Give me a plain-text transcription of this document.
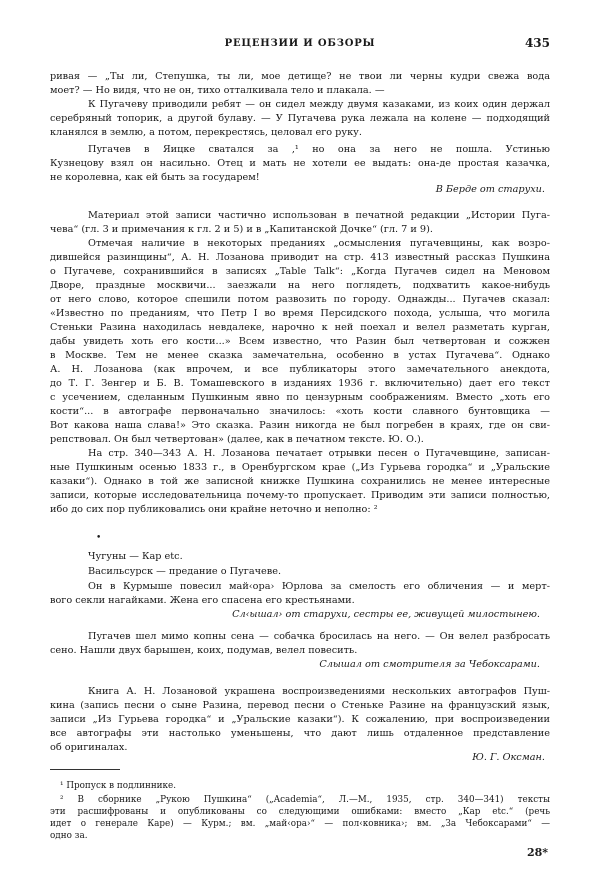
РЕЦЕНЗИИ И ОБЗОРЫ	435
ривая — „Ты ли, Степушка, ты ли, мое детище? не твои ли черны кудри свежа вода
моет? — Но видя, что не он, тихо отталкивала тело и плакала. —
К Пугачеву приводили ребят — он сидел между двумя казаками, из коих один держал
серебряный топорик, а другой булаву. — У Пугачева рука лежала на колене — подходящий
кланялся в землю, а потом, перекрестясь, целовал его руку.
Пугачев в Яицке сватался за ,¹ но она за него не пошла. Устинью
Кузнецову взял он насильно. Отец и мать не хотели ее выдать: она-де простая казачка,
не королевна, как ей быть за государем!
В Берде от старухи.
Материал этой записи частично использован в печатной редакции „Истории Пуга-
чева“ (гл. 3 и примечания к гл. 2 и 5) и в „Капитанской Дочке“ (гл. 7 и 9).
Отмечая наличие в некоторых преданиях „осмысления пугачевщины, как возро-
дившейся разинщины“, А. Н. Лозанова приводит на стр. 413 известный рассказ Пушкина
о Пугачеве, сохранившийся в записях „Table Talk“: „Когда Пугачев сидел на Меновом
Дворе, праздные москвичи... заезжали на него поглядеть, подхватить какое-нибудь
от него слово, которое спешили потом развозить по городу. Однажды... Пугачев сказал:
«Известно по преданиям, что Петр I во время Персидского похода, услыша, что могила
Стеньки Разина находилась невдалеке, нарочно к ней поехал и велел разметать курган,
дабы увидеть хоть его кости...» Всем известно, что Разин был четвертован и сожжен
в Москве. Тем не менее сказка замечательна, особенно в устах Пугачева“. Однако
А. Н. Лозанова (как впрочем, и все публикаторы этого замечательного анекдота,
до Т. Г. Зенгер и Б. В. Томашевского в изданиях 1936 г. включительно) дает его текст
с усечением, сделанным Пушкиным явно по цензурным соображениям. Вместо „хоть его
кости“... в автографе первоначально значилось: «хоть кости славного бунтовщика —
Вот какова наша слава!» Это сказка. Разин никогда не был погребен в краях, где он сви-
репствовал. Он был четвертован» (далее, как в печатном тексте. Ю. О.).
На стр. 340—343 А. Н. Лозанова печатает отрывки песен о Пугачевщине, записан-
ные Пушкиным осенью 1833 г., в Оренбургском крае („Из Гурьева городка“ и „Уральские
казаки“). Однако в той же записной книжке Пушкина сохранились не менее интересные
записи, которые исследовательница почему-то пропускает. Приводим эти записи полностью,
ибо до сих пор публиковались они крайне неточно и неполно: ²
•
Чугуны — Кар etc.
Васильсурск — предание о Пугачеве.
Он в Курмыше повесил май‹ора› Юрлова за смелость его обличения — и мерт-
вого секли нагайками. Жена его спасена его крестьянами.
Сл‹ышал› от старухи, сестры ее, живущей милостынею.
Пугачев шел мимо копны сена — собачка бросилась на него. — Он велел разбросать
сено. Нашли двух барышен, коих, подумав, велел повесить.
Слышал от смотрителя за Чебоксарами.
Книга А. Н. Лозановой украшена воспроизведениями нескольких автографов Пуш-
кина (запись песни о сыне Разина, перевод песни о Стеньке Разине на французский язык,
записи „Из Гурьева городка“ и „Уральские казаки“). К сожалению, при воспроизведении
все автографы эти настолько уменьшены, что дают лишь отдаленное представление
об оригиналах.
Ю. Г. Оксман.
¹ Пропуск в подлиннике.
² В сборнике „Рукою Пушкина“ („Academia“, Л.—М., 1935, стр. 340—341) тексты
эти расшифрованы и опубликованы со следующими ошибками: вместо „Кар etc.“ (речь
идет о генерале Каре) — Курм.; вм. „май‹ора›“ — пол‹ковника›; вм. „За Чебоксарами“ —
одно за.
28*
